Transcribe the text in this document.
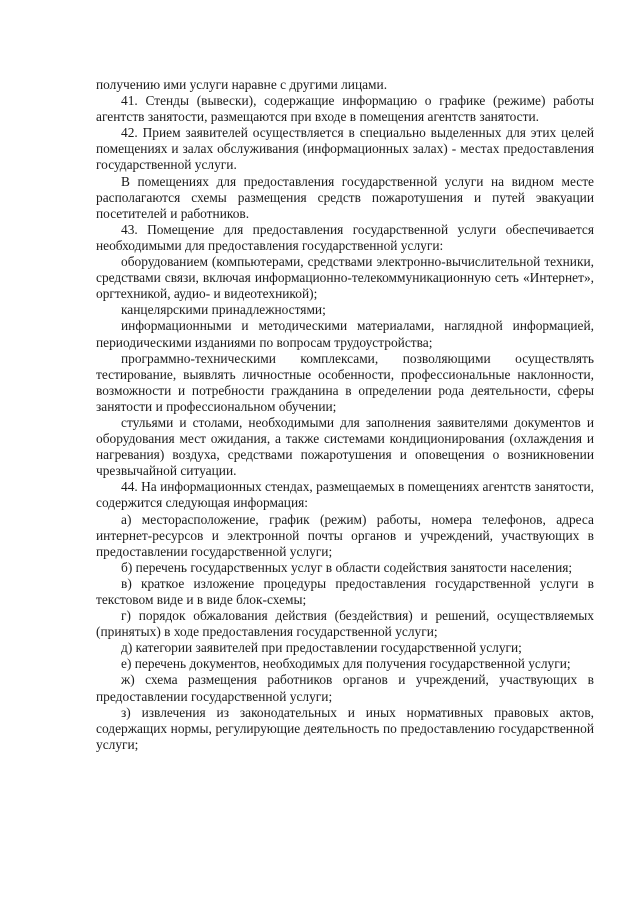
получению ими услуги наравне с другими лицами.

41. Стенды (вывески), содержащие информацию о графике (режиме) работы агентств занятости, размещаются при входе в помещения агентств занятости.

42. Прием заявителей осуществляется в специально выделенных для этих целей помещениях и залах обслуживания (информационных залах) - местах предоставления государственной услуги.

В помещениях для предоставления государственной услуги на видном месте располагаются схемы размещения средств пожаротушения и путей эвакуации посетителей и работников.

43. Помещение для предоставления государственной услуги обеспечивается необходимыми для предоставления государственной услуги:

оборудованием (компьютерами, средствами электронно-вычислительной техники, средствами связи, включая информационно-телекоммуникационную сеть «Интернет», оргтехникой, аудио- и видеотехникой);

канцелярскими принадлежностями;

информационными и методическими материалами, наглядной информацией, периодическими изданиями по вопросам трудоустройства;

программно-техническими комплексами, позволяющими осуществлять тестирование, выявлять личностные особенности, профессиональные наклонности, возможности и потребности гражданина в определении рода деятельности, сферы занятости и профессиональном обучении;

стульями и столами, необходимыми для заполнения заявителями документов и оборудования мест ожидания, а также системами кондиционирования (охлаждения и нагревания) воздуха, средствами пожаротушения и оповещения о возникновении чрезвычайной ситуации.

44. На информационных стендах, размещаемых в помещениях агентств занятости, содержится следующая информация:

а) месторасположение, график (режим) работы, номера телефонов, адреса интернет-ресурсов и электронной почты органов и учреждений, участвующих в предоставлении государственной услуги;

б) перечень государственных услуг в области содействия занятости населения;

в) краткое изложение процедуры предоставления государственной услуги в текстовом виде и в виде блок-схемы;

г) порядок обжалования действия (бездействия) и решений, осуществляемых (принятых) в ходе предоставления государственной услуги;

д) категории заявителей при предоставлении государственной услуги;

е) перечень документов, необходимых для получения государственной услуги;

ж) схема размещения работников органов и учреждений, участвующих в предоставлении государственной услуги;

з) извлечения из законодательных и иных нормативных правовых актов, содержащих нормы, регулирующие деятельность по предоставлению государственной услуги;
